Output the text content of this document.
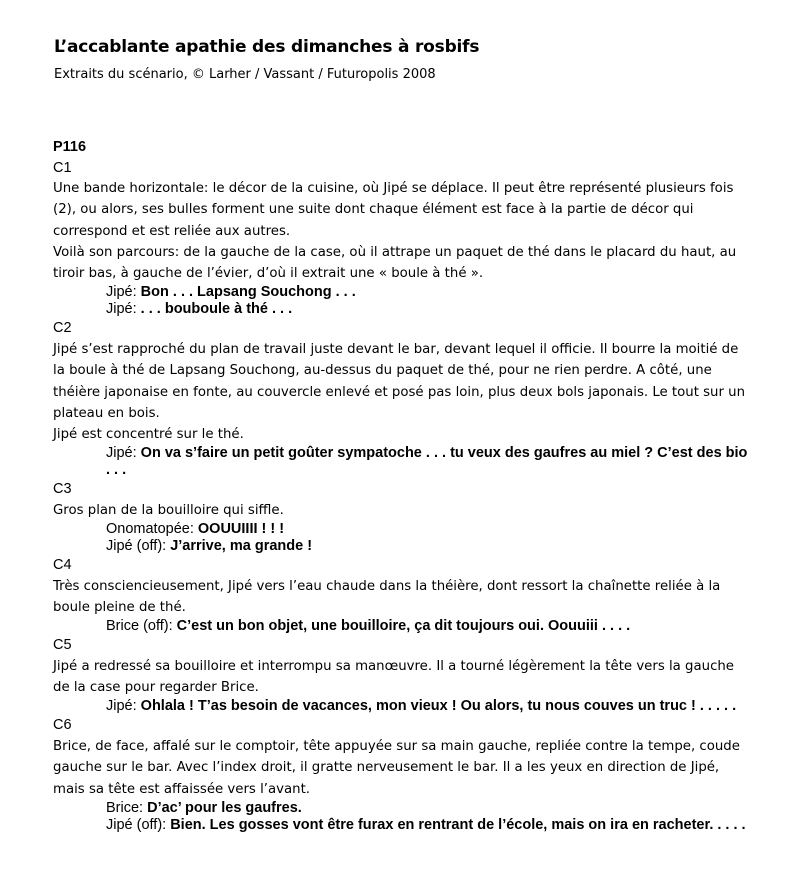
L’accablante apathie des dimanches à rosbifs
Extraits du scénario, © Larher / Vassant / Futuropolis 2008
P116
C1
Une bande horizontale: le décor de la cuisine, où Jipé se déplace. Il peut être représenté plusieurs fois (2), ou alors, ses bulles forment une suite dont chaque élément est face à la partie de décor qui correspond et est reliée aux autres.
Voilà son parcours: de la gauche de la case, où il attrape un paquet de thé dans le placard du haut, au tiroir bas, à gauche de l’évier, d’où il extrait une « boule à thé ».
Jipé: Bon . . . Lapsang Souchong . . .
Jipé: . . . bouboule à thé . . .
C2
Jipé s’est rapproché du plan de travail juste devant le bar, devant lequel il officie. Il bourre la moitié de la boule à thé de Lapsang Souchong, au-dessus du paquet de thé, pour ne rien perdre. A côté, une théière japonaise en fonte, au couvercle enlevé et posé pas loin, plus deux bols japonais. Le tout sur un plateau en bois.
Jipé est concentré sur le thé.
Jipé: On va s’faire un petit goûter sympatoche . . . tu veux des gaufres au miel ? C’est des bio . . .
C3
Gros plan de la bouilloire qui siffle.
Onomatopée: OOUUIIII ! ! !
Jipé (off): J’arrive, ma grande !
C4
Très consciencieusement, Jipé vers l’eau chaude dans la théière, dont ressort la chaînette reliée à la boule pleine de thé.
Brice (off): C’est un bon objet, une bouilloire, ça dit toujours oui. Oouuiii . . . .
C5
Jipé a redressé sa bouilloire et interrompu sa manœuvre. Il a tourné légèrement la tête vers la gauche de la case pour regarder Brice.
Jipé: Ohlala ! T’as besoin de vacances, mon vieux ! Ou alors, tu nous couves un truc ! . . . . .
C6
Brice, de face, affalé sur le comptoir, tête appuyée sur sa main gauche, repliée contre la tempe, coude gauche sur le bar. Avec l’index droit, il gratte nerveusement le bar. Il a les yeux en direction de Jipé, mais sa tête est affaissée vers l’avant.
Brice: D’ac’ pour les gaufres.
Jipé (off): Bien. Les gosses vont être furax en rentrant de l’école, mais on ira en racheter. . . . .
